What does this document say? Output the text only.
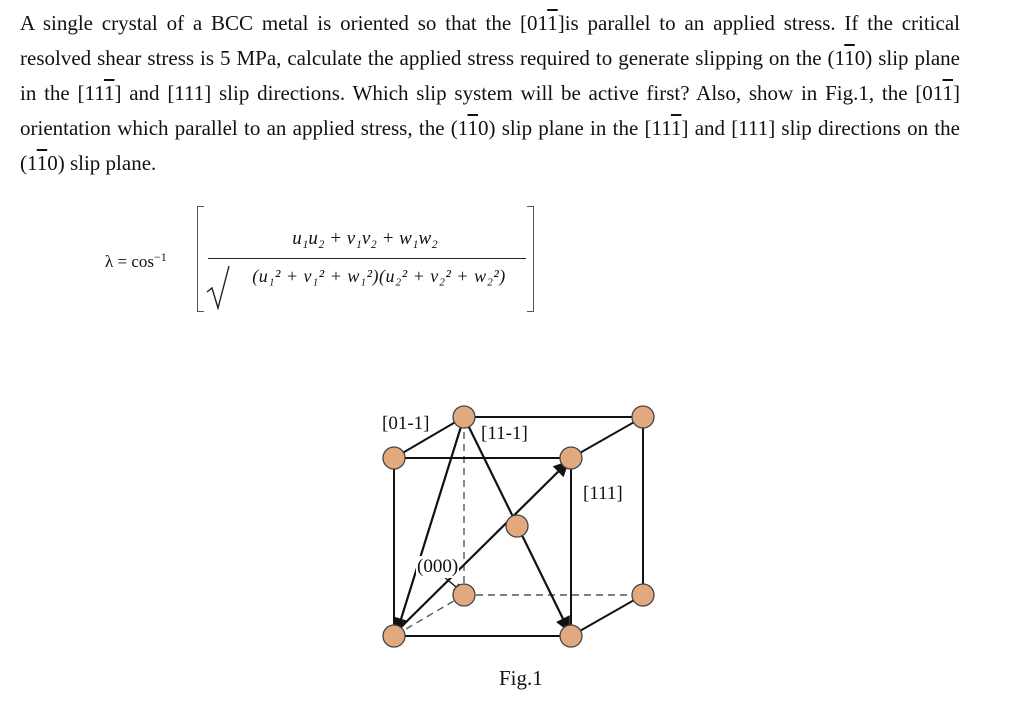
A single crystal of a BCC metal is oriented so that the [011]is parallel to an applied stress. If the critical resolved shear stress is 5 MPa, calculate the applied stress required to generate slipping on the (110) slip plane in the [111] and [111] slip directions. Which slip system will be active first? Also, show in Fig.1, the [011] orientation which parallel to an applied stress, the (110) slip plane in the [111] and [111] slip directions on the (110) slip plane.

$\lambda = \cos^{-1}$
u₁u₂ + v₁v₂ + w₁w₂
(u₁² + v₁² + w₁²)(u₂² + v₂² + w₂²)
[01-1]	[11-1]
[111]
(000)
Fig.1
